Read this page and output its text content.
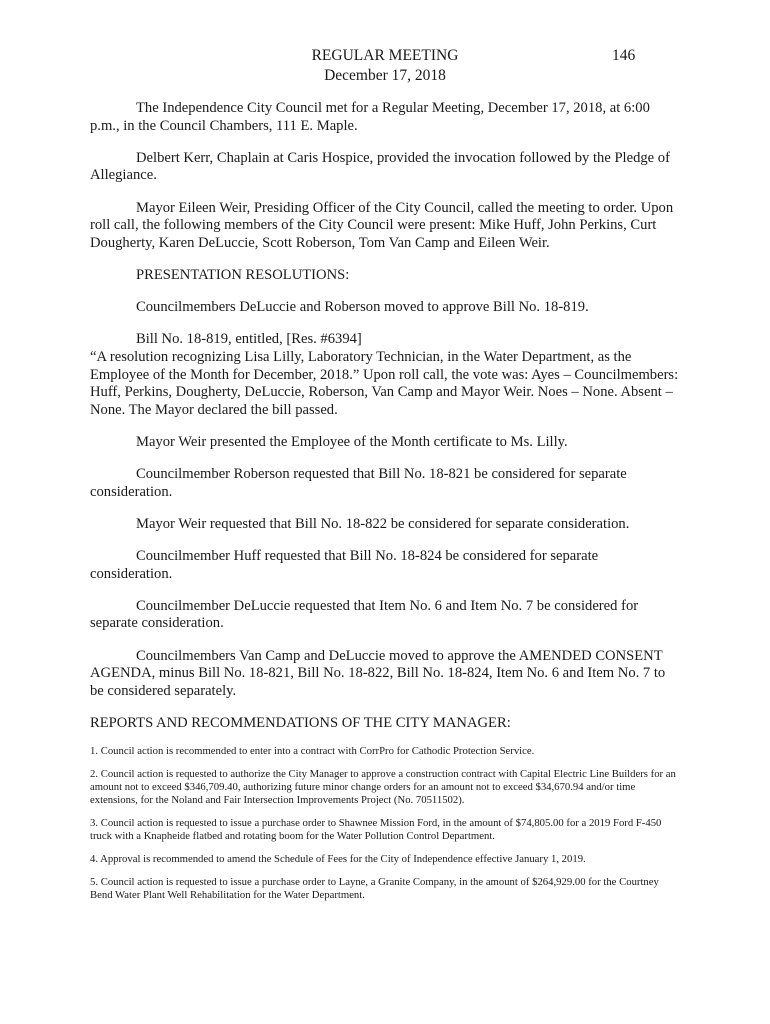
REGULAR MEETING
December 17, 2018
146

The Independence City Council met for a Regular Meeting, December 17, 2018, at 6:00 p.m., in the Council Chambers, 111 E. Maple.

Delbert Kerr, Chaplain at Caris Hospice, provided the invocation followed by the Pledge of Allegiance.

Mayor Eileen Weir, Presiding Officer of the City Council, called the meeting to order. Upon roll call, the following members of the City Council were present: Mike Huff, John Perkins, Curt Dougherty, Karen DeLuccie, Scott Roberson, Tom Van Camp and Eileen Weir.

PRESENTATION RESOLUTIONS:

Councilmembers DeLuccie and Roberson moved to approve Bill No. 18-819.

Bill No. 18-819, entitled, [Res. #6394]

“A resolution recognizing Lisa Lilly, Laboratory Technician, in the Water Department, as the Employee of the Month for December, 2018.” Upon roll call, the vote was: Ayes – Councilmembers: Huff, Perkins, Dougherty, DeLuccie, Roberson, Van Camp and Mayor Weir. Noes – None. Absent – None. The Mayor declared the bill passed.

Mayor Weir presented the Employee of the Month certificate to Ms. Lilly.

Councilmember Roberson requested that Bill No. 18-821 be considered for separate consideration.

Mayor Weir requested that Bill No. 18-822 be considered for separate consideration.

Councilmember Huff requested that Bill No. 18-824 be considered for separate consideration.

Councilmember DeLuccie requested that Item No. 6 and Item No. 7 be considered for separate consideration.

Councilmembers Van Camp and DeLuccie moved to approve the AMENDED CONSENT AGENDA, minus Bill No. 18-821, Bill No. 18-822, Bill No. 18-824, Item No. 6 and Item No. 7 to be considered separately.

REPORTS AND RECOMMENDATIONS OF THE CITY MANAGER:

1. Council action is recommended to enter into a contract with CorrPro for Cathodic Protection Service.

2. Council action is requested to authorize the City Manager to approve a construction contract with Capital Electric Line Builders for an amount not to exceed $346,709.40, authorizing future minor change orders for an amount not to exceed $34,670.94 and/or time extensions, for the Noland and Fair Intersection Improvements Project (No. 70511502).

3. Council action is requested to issue a purchase order to Shawnee Mission Ford, in the amount of $74,805.00 for a 2019 Ford F-450 truck with a Knapheide flatbed and rotating boom for the Water Pollution Control Department.

4. Approval is recommended to amend the Schedule of Fees for the City of Independence effective January 1, 2019.

5. Council action is requested to issue a purchase order to Layne, a Granite Company, in the amount of $264,929.00 for the Courtney Bend Water Plant Well Rehabilitation for the Water Department.
